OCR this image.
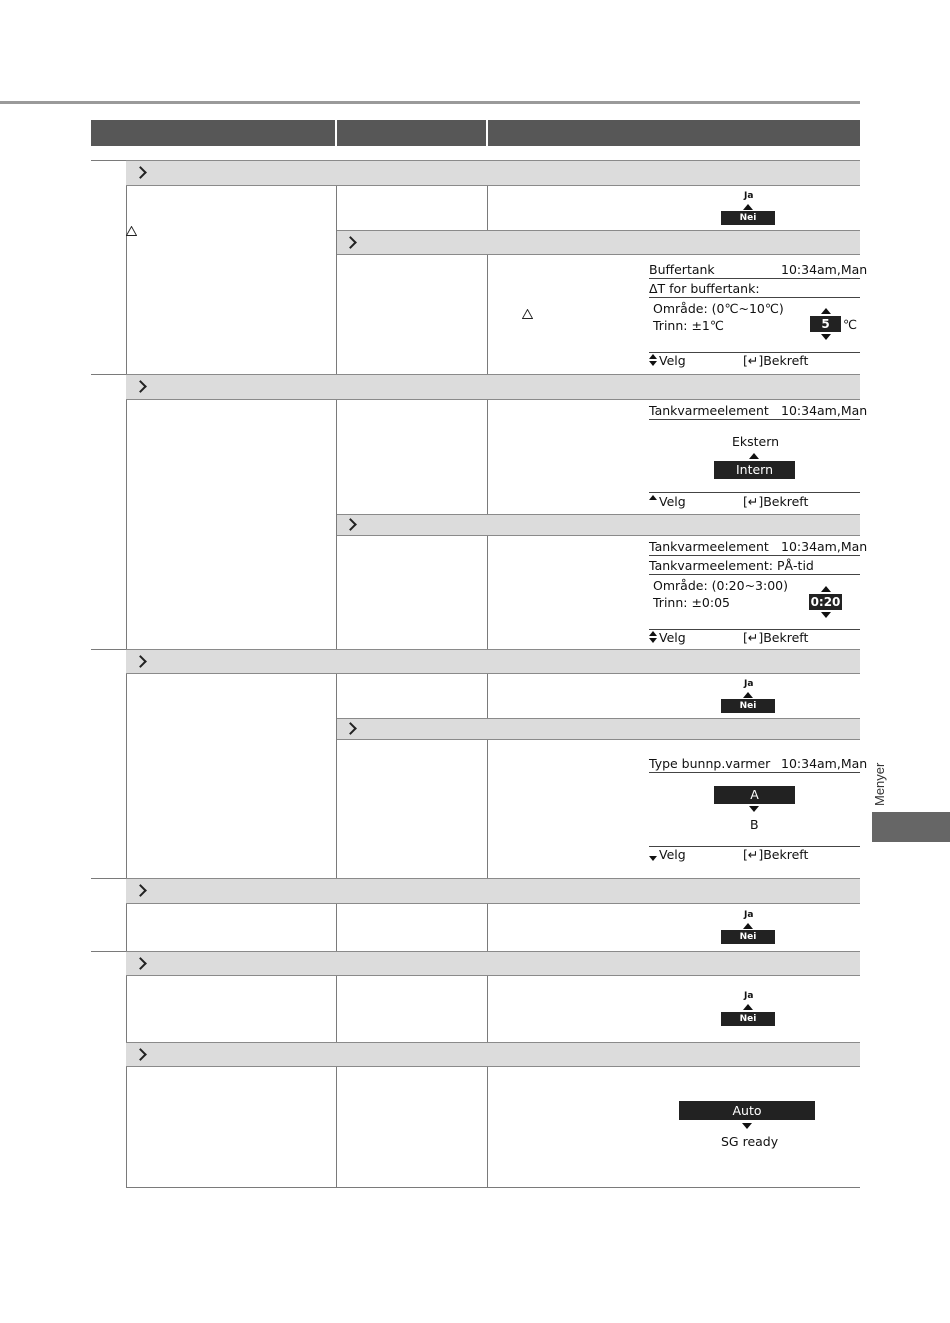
Ja
Nei
Buffertank	10:34am,Man
ΔT for buffertank:
Område: (0℃~10℃)
Trinn: ±1℃	5	℃
Velg	[↵]Bekreft
Tankvarmeelement 10:34am,Man
Ekstern
Intern
Velg	[↵]Bekreft
Tankvarmeelement 10:34am,Man
Tankvarmeelement: PÅ-tid
Område: (0:20~3:00)
Trinn: ±0:05	0:20
Velg	[↵]Bekreft
Ja
Nei
Type bunnp.varmer 10:34am,Man
A
B
Velg	[↵]Bekreft
Ja
Nei
Ja
Nei
Auto
SG ready
Menyer
